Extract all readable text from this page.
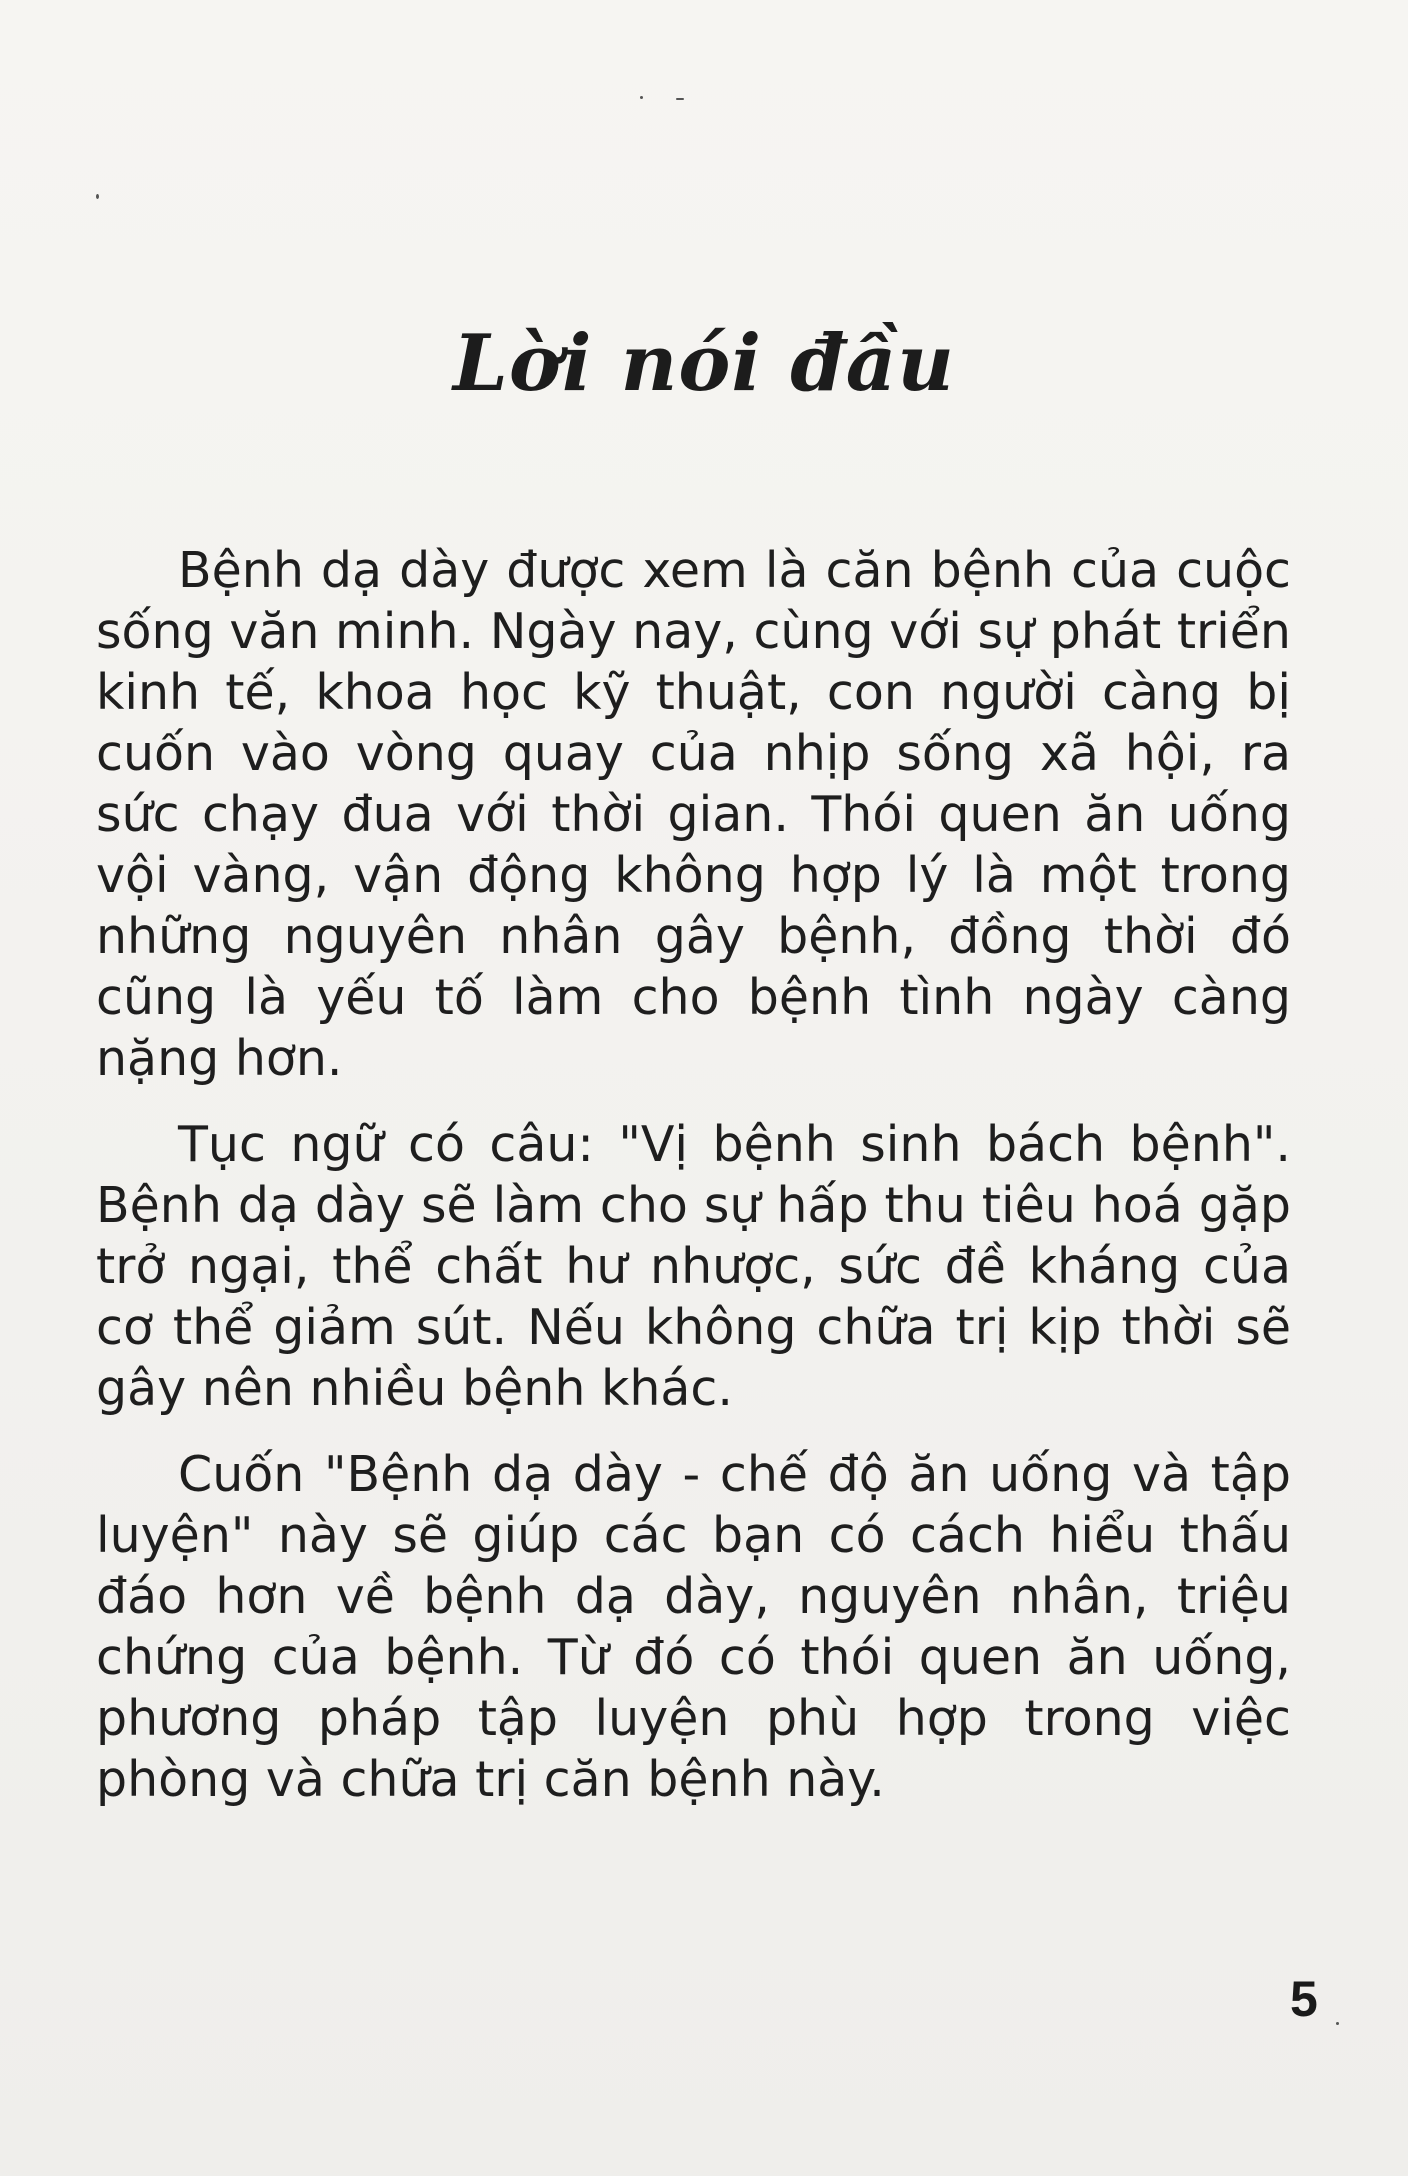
Lời nói đầu

Bệnh dạ dày được xem là căn bệnh của cuộc sống văn minh. Ngày nay, cùng với sự phát triển kinh tế, khoa học kỹ thuật, con người càng bị cuốn vào vòng quay của nhịp sống xã hội, ra sức chạy đua với thời gian. Thói quen ăn uống vội vàng, vận động không hợp lý là một trong những nguyên nhân gây bệnh, đồng thời đó cũng là yếu tố làm cho bệnh tình ngày càng nặng hơn.

Tục ngữ có câu: "Vị bệnh sinh bách bệnh". Bệnh dạ dày sẽ làm cho sự hấp thu tiêu hoá gặp trở ngại, thể chất hư nhược, sức đề kháng của cơ thể giảm sút. Nếu không chữa trị kịp thời sẽ gây nên nhiều bệnh khác.

Cuốn "Bệnh dạ dày - chế độ ăn uống và tập luyện" này sẽ giúp các bạn có cách hiểu thấu đáo hơn về bệnh dạ dày, nguyên nhân, triệu chứng của bệnh. Từ đó có thói quen ăn uống, phương pháp tập luyện phù hợp trong việc phòng và chữa trị căn bệnh này.

5
